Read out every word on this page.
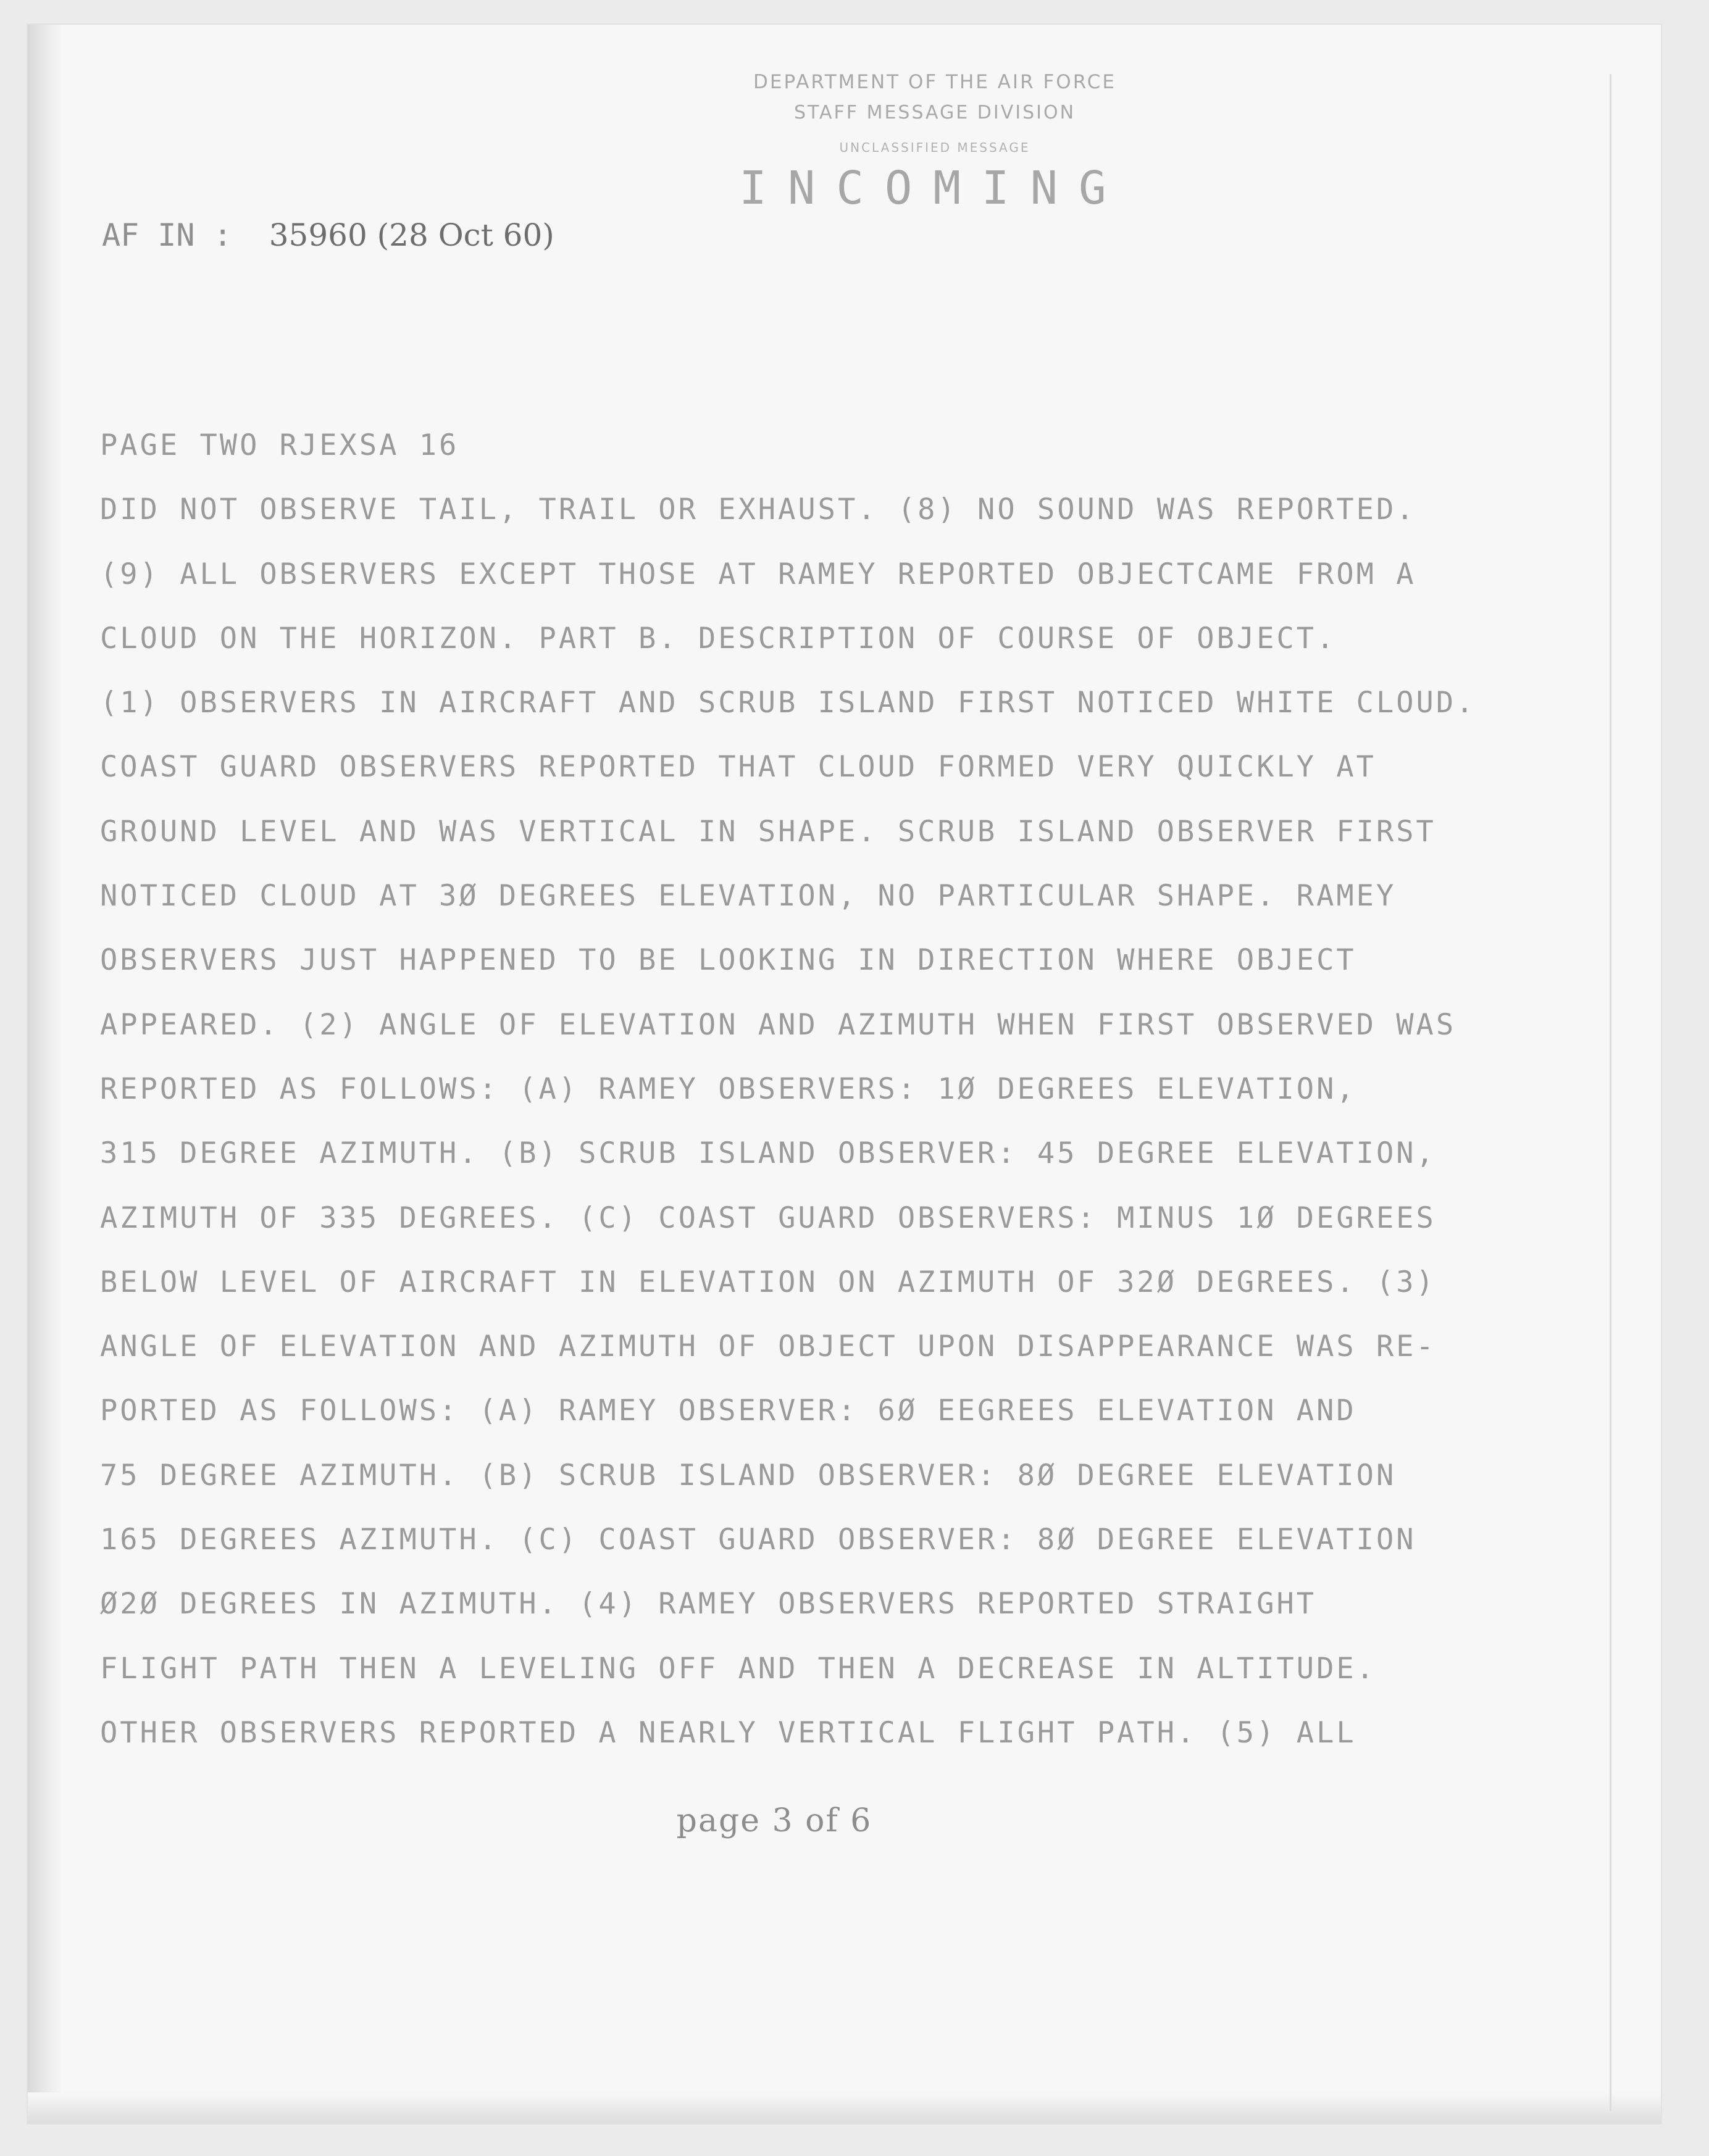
DEPARTMENT OF THE AIR FORCE
STAFF MESSAGE DIVISION
UNCLASSIFIED MESSAGE
INCOMING
AF IN : 35960 (28 Oct 60)
PAGE TWO RJEXSA 16
DID NOT OBSERVE TAIL, TRAIL OR EXHAUST. (8) NO SOUND WAS REPORTED.
(9) ALL OBSERVERS EXCEPT THOSE AT RAMEY REPORTED OBJECTCAME FROM A
CLOUD ON THE HORIZON. PART B. DESCRIPTION OF COURSE OF OBJECT.
(1) OBSERVERS IN AIRCRAFT AND SCRUB ISLAND FIRST NOTICED WHITE CLOUD.
COAST GUARD OBSERVERS REPORTED THAT CLOUD FORMED VERY QUICKLY AT
GROUND LEVEL AND WAS VERTICAL IN SHAPE. SCRUB ISLAND OBSERVER FIRST
NOTICED CLOUD AT 3Ø DEGREES ELEVATION, NO PARTICULAR SHAPE. RAMEY
OBSERVERS JUST HAPPENED TO BE LOOKING IN DIRECTION WHERE OBJECT
APPEARED. (2) ANGLE OF ELEVATION AND AZIMUTH WHEN FIRST OBSERVED WAS
REPORTED AS FOLLOWS: (A) RAMEY OBSERVERS: 1Ø DEGREES ELEVATION,
315 DEGREE AZIMUTH. (B) SCRUB ISLAND OBSERVER: 45 DEGREE ELEVATION,
AZIMUTH OF 335 DEGREES. (C) COAST GUARD OBSERVERS: MINUS 1Ø DEGREES
BELOW LEVEL OF AIRCRAFT IN ELEVATION ON AZIMUTH OF 32Ø DEGREES. (3)
ANGLE OF ELEVATION AND AZIMUTH OF OBJECT UPON DISAPPEARANCE WAS RE-
PORTED AS FOLLOWS: (A) RAMEY OBSERVER: 6Ø EEGREES ELEVATION AND
75 DEGREE AZIMUTH. (B) SCRUB ISLAND OBSERVER: 8Ø DEGREE ELEVATION
165 DEGREES AZIMUTH. (C) COAST GUARD OBSERVER: 8Ø DEGREE ELEVATION
Ø2Ø DEGREES IN AZIMUTH. (4) RAMEY OBSERVERS REPORTED STRAIGHT
FLIGHT PATH THEN A LEVELING OFF AND THEN A DECREASE IN ALTITUDE.
OTHER OBSERVERS REPORTED A NEARLY VERTICAL FLIGHT PATH. (5) ALL
page 3 of 6
